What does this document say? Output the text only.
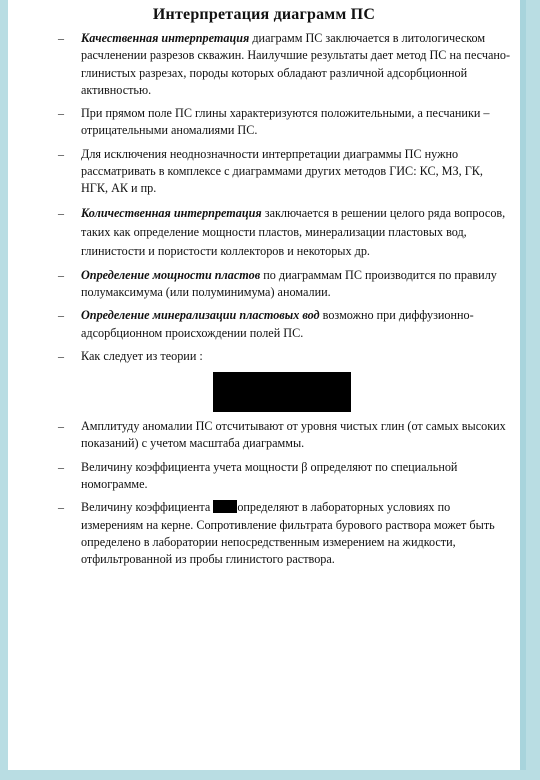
Интерпретация диаграмм ПС
– Качественная интерпретация диаграмм ПС заключается в литологическом расчленении разрезов скважин. Наилучшие результаты дает метод ПС на песчано-глинистых разрезах, породы которых обладают различной адсорбционной активностью.
– При прямом поле ПС глины характеризуются положительными, а песчаники – отрицательными аномалиями ПС.
– Для исключения неоднозначности интерпретации диаграммы ПС нужно рассматривать в комплексе с диаграммами других методов ГИС: КС, МЗ, ГК, НГК, АК и пр.
– Количественная интерпретация заключается в решении целого ряда вопросов, таких как определение мощности пластов, минерализации пластовых вод, глинистости и пористости коллекторов и некоторых др.
– Определение мощности пластов по диаграммам ПС производится по правилу полумаксимума (или полуминимума) аномалии.
– Определение минерализации пластовых вод возможно при диффузионно-адсорбционном происхождении полей ПС.
– Как следует из теории :
– Амплитуду аномалии ПС отсчитывают от уровня чистых глин (от самых высоких показаний) с учетом масштаба диаграммы.
– Величину коэффициента учета мощности β определяют по специальной номограмме.
– Величину коэффициента определяют в лабораторных условиях по измерениям на керне. Сопротивление фильтрата бурового раствора может быть определено в лаборатории непосредственным измерением на жидкости, отфильтрованной из пробы глинистого раствора.
